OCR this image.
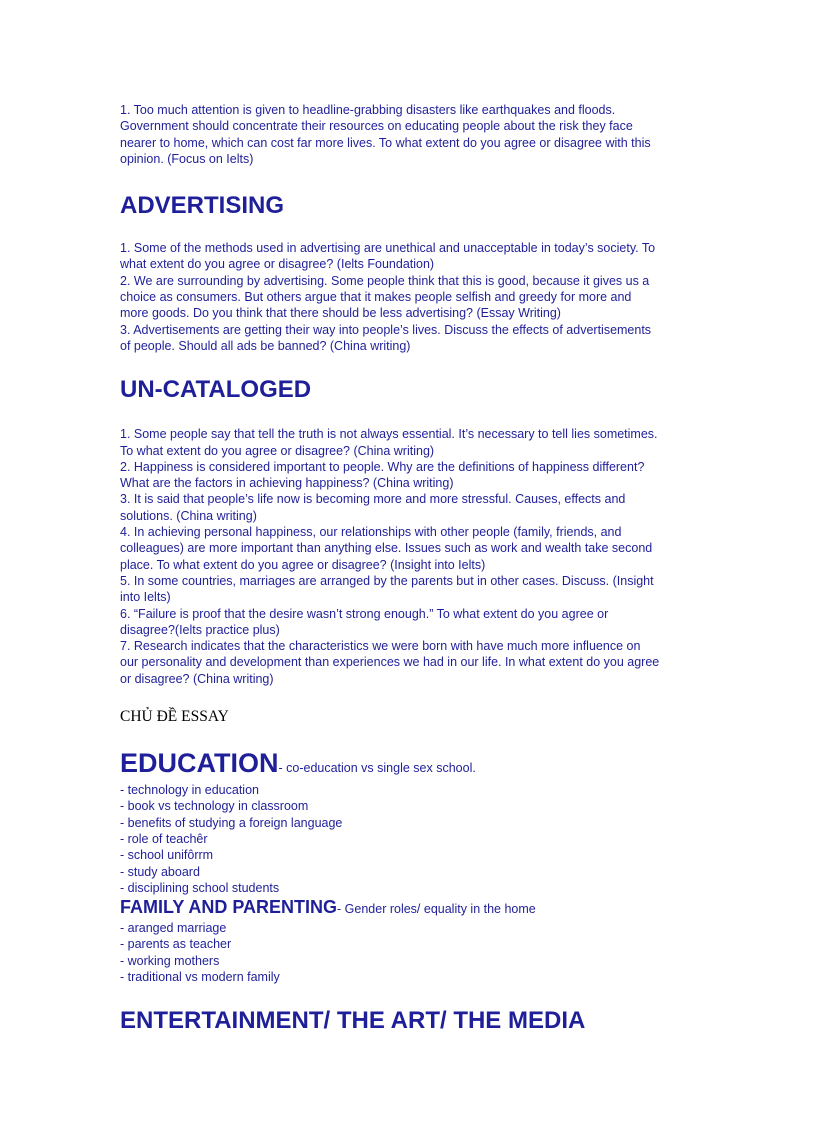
1. Too much attention is given to headline-grabbing disasters like earthquakes and floods.
Government should concentrate their resources on educating people about the risk they face
nearer to home, which can cost far more lives. To what extent do you agree or disagree with this
opinion. (Focus on Ielts)
ADVERTISING
1. Some of the methods used in advertising are unethical and unacceptable in today’s society. To
what extent do you agree or disagree? (Ielts Foundation)
2. We are surrounding by advertising. Some people think that this is good, because it gives us a
choice as consumers. But others argue that it makes people selfish and greedy for more and
more goods. Do you think that there should be less advertising? (Essay Writing)
3. Advertisements are getting their way into people’s lives. Discuss the effects of advertisements
of people. Should all ads be banned? (China writing)
UN-CATALOGED
1. Some people say that tell the truth is not always essential. It’s necessary to tell lies sometimes.
To what extent do you agree or disagree? (China writing)
2. Happiness is considered important to people. Why are the definitions of happiness different?
What are the factors in achieving happiness? (China writing)
3. It is said that people’s life now is becoming more and more stressful. Causes, effects and
solutions. (China writing)
4. In achieving personal happiness, our relationships with other people (family, friends, and
colleagues) are more important than anything else. Issues such as work and wealth take second
place. To what extent do you agree or disagree? (Insight into Ielts)
5. In some countries, marriages are arranged by the parents but in other cases. Discuss. (Insight
into Ielts)
6. “Failure is proof that the desire wasn’t strong enough.” To what extent do you agree or
disagree?(Ielts practice plus)
7. Research indicates that the characteristics we were born with have much more influence on
our personality and development than experiences we had in our life. In what extent do you agree
or disagree? (China writing)
CHỦ ĐỀ ESSAY
EDUCATION- co-education vs single sex school.
- technology in education
- book vs technology in classroom
- benefits of studying a foreign language
- role of teachêr
- school unifôrrm
- study aboard
- disciplining school students
FAMILY AND PARENTING- Gender roles/ equality in the home
- aranged marriage
- parents as teacher
- working mothers
- traditional vs modern family
ENTERTAINMENT/ THE ART/ THE MEDIA
